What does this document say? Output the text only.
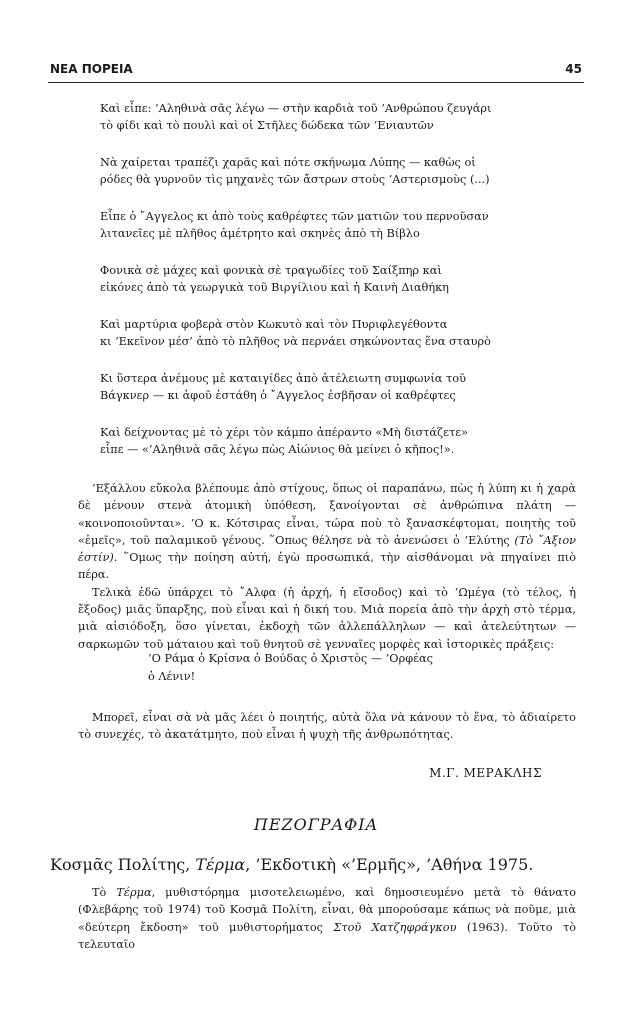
ΝΕΑ ΠΟΡΕΙΑ	45
Καὶ εἶπε: ’Αληθινὰ σᾶς λέγω — στὴν καρδιὰ τοῦ ’Ανθρώπου ζευγάρι
τὸ φίδι καὶ τὸ πουλὶ καὶ οἱ Στῆλες δώδεκα τῶν ’Ενιαυτῶν
Νὰ χαίρεται τραπέζι χαρᾶς καὶ πότε σκήνωμα Λύπης — καθὼς οἱ
ρόδες θὰ γυρνοῦν τὶς μηχανὲς τῶν ἄστρων στοὺς ’Αστερισμοὺς (...)
Εἶπε ὁ ῎Αγγελος κι ἀπὸ τοὺς καθρέφτες τῶν ματιῶν του περνοῦσαν
λιτανεῖες μὲ πλῆθος ἀμέτρητο καὶ σκηνὲς ἀπὸ τὴ Βίβλο
Φονικὰ σὲ μάχες καὶ φονικὰ σὲ τραγωδίες τοῦ Σαίξπηρ καὶ
εἰκόνες ἀπὸ τὰ γεωργικὰ τοῦ Βιργίλιου καὶ ἡ Καινὴ Διαθήκη
Καὶ μαρτύρια φοβερὰ στὸν Κωκυτὸ καὶ τὸν Πυριφλεγέθοντα
κι ’Εκεῖνον μέσ’ ἀπὸ τὸ πλῆθος νὰ περνάει σηκώνοντας ἕνα σταυρὸ
Κι ὕστερα ἀνέμους μὲ καταιγίδες ἀπὸ ἀτέλειωτη συμφωνία τοῦ
Βάγκνερ — κι ἀφοῦ ἐστάθη ὁ ῎Αγγελος ἐσβῆσαν οἱ καθρέφτες
Καὶ δείχνοντας μὲ τὸ χέρι τὸν κάμπο ἀπέραντο «Μὴ διστάζετε»
εἶπε — «’Αληθινὰ σᾶς λέγω πὼς Αἰώνιος θὰ μείνει ὁ κῆπος!».

’Εξάλλου εὔκολα βλέπουμε ἀπὸ στίχους, ὅπως οἱ παραπάνω, πὼς ἡ λύπη κι ἡ χαρὰ δὲ μένουν στενὰ ἀτομικὴ ὑπόθεση, ξανοίγονται σὲ ἀνθρώπινα πλάτη — «κοινοποιοῦνται». ’Ο κ. Κότσιρας εἶναι, τώρα ποὺ τὸ ξανασκέφτομαι, ποιητὴς τοῦ «ἐμεῖς», τοῦ παλαμικοῦ γένους. ῞Οπως θέλησε νὰ τὸ ἀνενώσει ὁ ’Ελύτης (Τὸ ῎Αξιον ἐστίν). ῞Ομως τὴν ποίηση αὐτή, ἐγὼ προσωπικά, τὴν αἰσθάνομαι νὰ πηγαίνει πιὸ πέρα.

Τελικὰ ἐδῶ ὑπάρχει τὸ ῎Αλφα (ἡ ἀρχή, ἡ εἴσοδος) καὶ τὸ ’Ωμέγα (τὸ τέλος, ἡ ἔξοδος) μιᾶς ὕπαρξης, ποὺ εἶναι καὶ ἡ δική του. Μιὰ πορεία ἀπὸ τὴν ἀρχὴ στὸ τέρμα, μιὰ αἰσιόδοξη, ὅσο γίνεται, ἐκδοχὴ τῶν ἀλλεπάλληλων — καὶ ἀτελεύτητων — σαρκωμῶν τοῦ μάταιου καὶ τοῦ θνητοῦ σὲ γενναῖες μορφὲς καὶ ἱστορικὲς πράξεις:

’Ο Ράμα ὁ Κρίσνα ὁ Βούδας ὁ Χριστὸς — ’Ορφέας
ὁ Λένιν!

Μπορεῖ, εἶναι σὰ νὰ μᾶς λέει ὁ ποιητής, αὐτὰ ὅλα νὰ κάνουν τὸ ἕνα, τὸ ἀδιαίρετο τὸ συνεχές, τὸ ἀκατάτμητο, ποὺ εἶναι ἡ ψυχὴ τῆς ἀνθρωπότητας.

Μ.Γ. ΜΕΡΑΚΛΗΣ
ΠΕΖΟΓΡΑΦΙΑ
Κοσμᾶς Πολίτης, Τέρμα, ’Εκδοτικὴ «’Ερμῆς», ’Αθήνα 1975.

Τὸ Τέρμα, μυθιστόρημα μισοτελειωμένο, καὶ δημοσιευμένο μετὰ τὸ θάνατο (Φλεβάρης τοῦ 1974) τοῦ Κοσμᾶ Πολίτη, εἶναι, θὰ μπορούσαμε κάπως νὰ ποῦμε, μιὰ «δεύτερη ἔκδοση» τοῦ μυθιστορήματος Στοῦ Χατζηφράγκου (1963). Τοῦτο τὸ τελευταῖο
